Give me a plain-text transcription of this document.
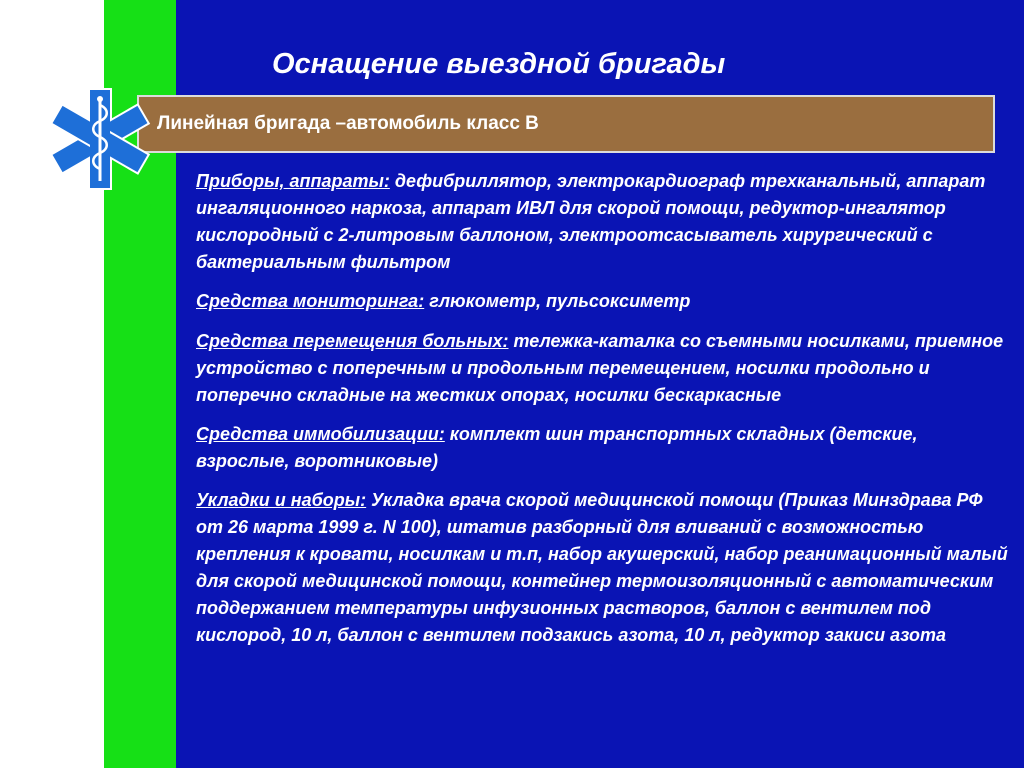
Оснащение выездной бригады
Линейная бригада –автомобиль класс В

Приборы, аппараты: дефибриллятор, электрокардиограф трехканальный, аппарат ингаляционного наркоза, аппарат ИВЛ для скорой помощи, редуктор-ингалятор кислородный с 2-литровым баллоном, электроотсасыватель хирургический с бактериальным фильтром

Средства мониторинга: глюкометр, пульсоксиметр

Средства перемещения больных: тележка-каталка со съемными носилками, приемное устройство с поперечным и продольным перемещением, носилки продольно и поперечно складные на жестких опорах, носилки бескаркасные

Средства иммобилизации: комплект шин транспортных складных (детские, взрослые, воротниковые)

Укладки и наборы: Укладка врача скорой медицинской помощи (Приказ Минздрава РФ от 26 марта 1999 г. N 100), штатив разборный для вливаний с возможностью крепления к кровати, носилкам и т.п, набор акушерский, набор реанимационный малый для скорой медицинской помощи, контейнер термоизоляционный с автоматическим поддержанием температуры инфузионных растворов, баллон с вентилем под кислород, 10 л, баллон с вентилем подзакись азота, 10 л, редуктор закиси азота
